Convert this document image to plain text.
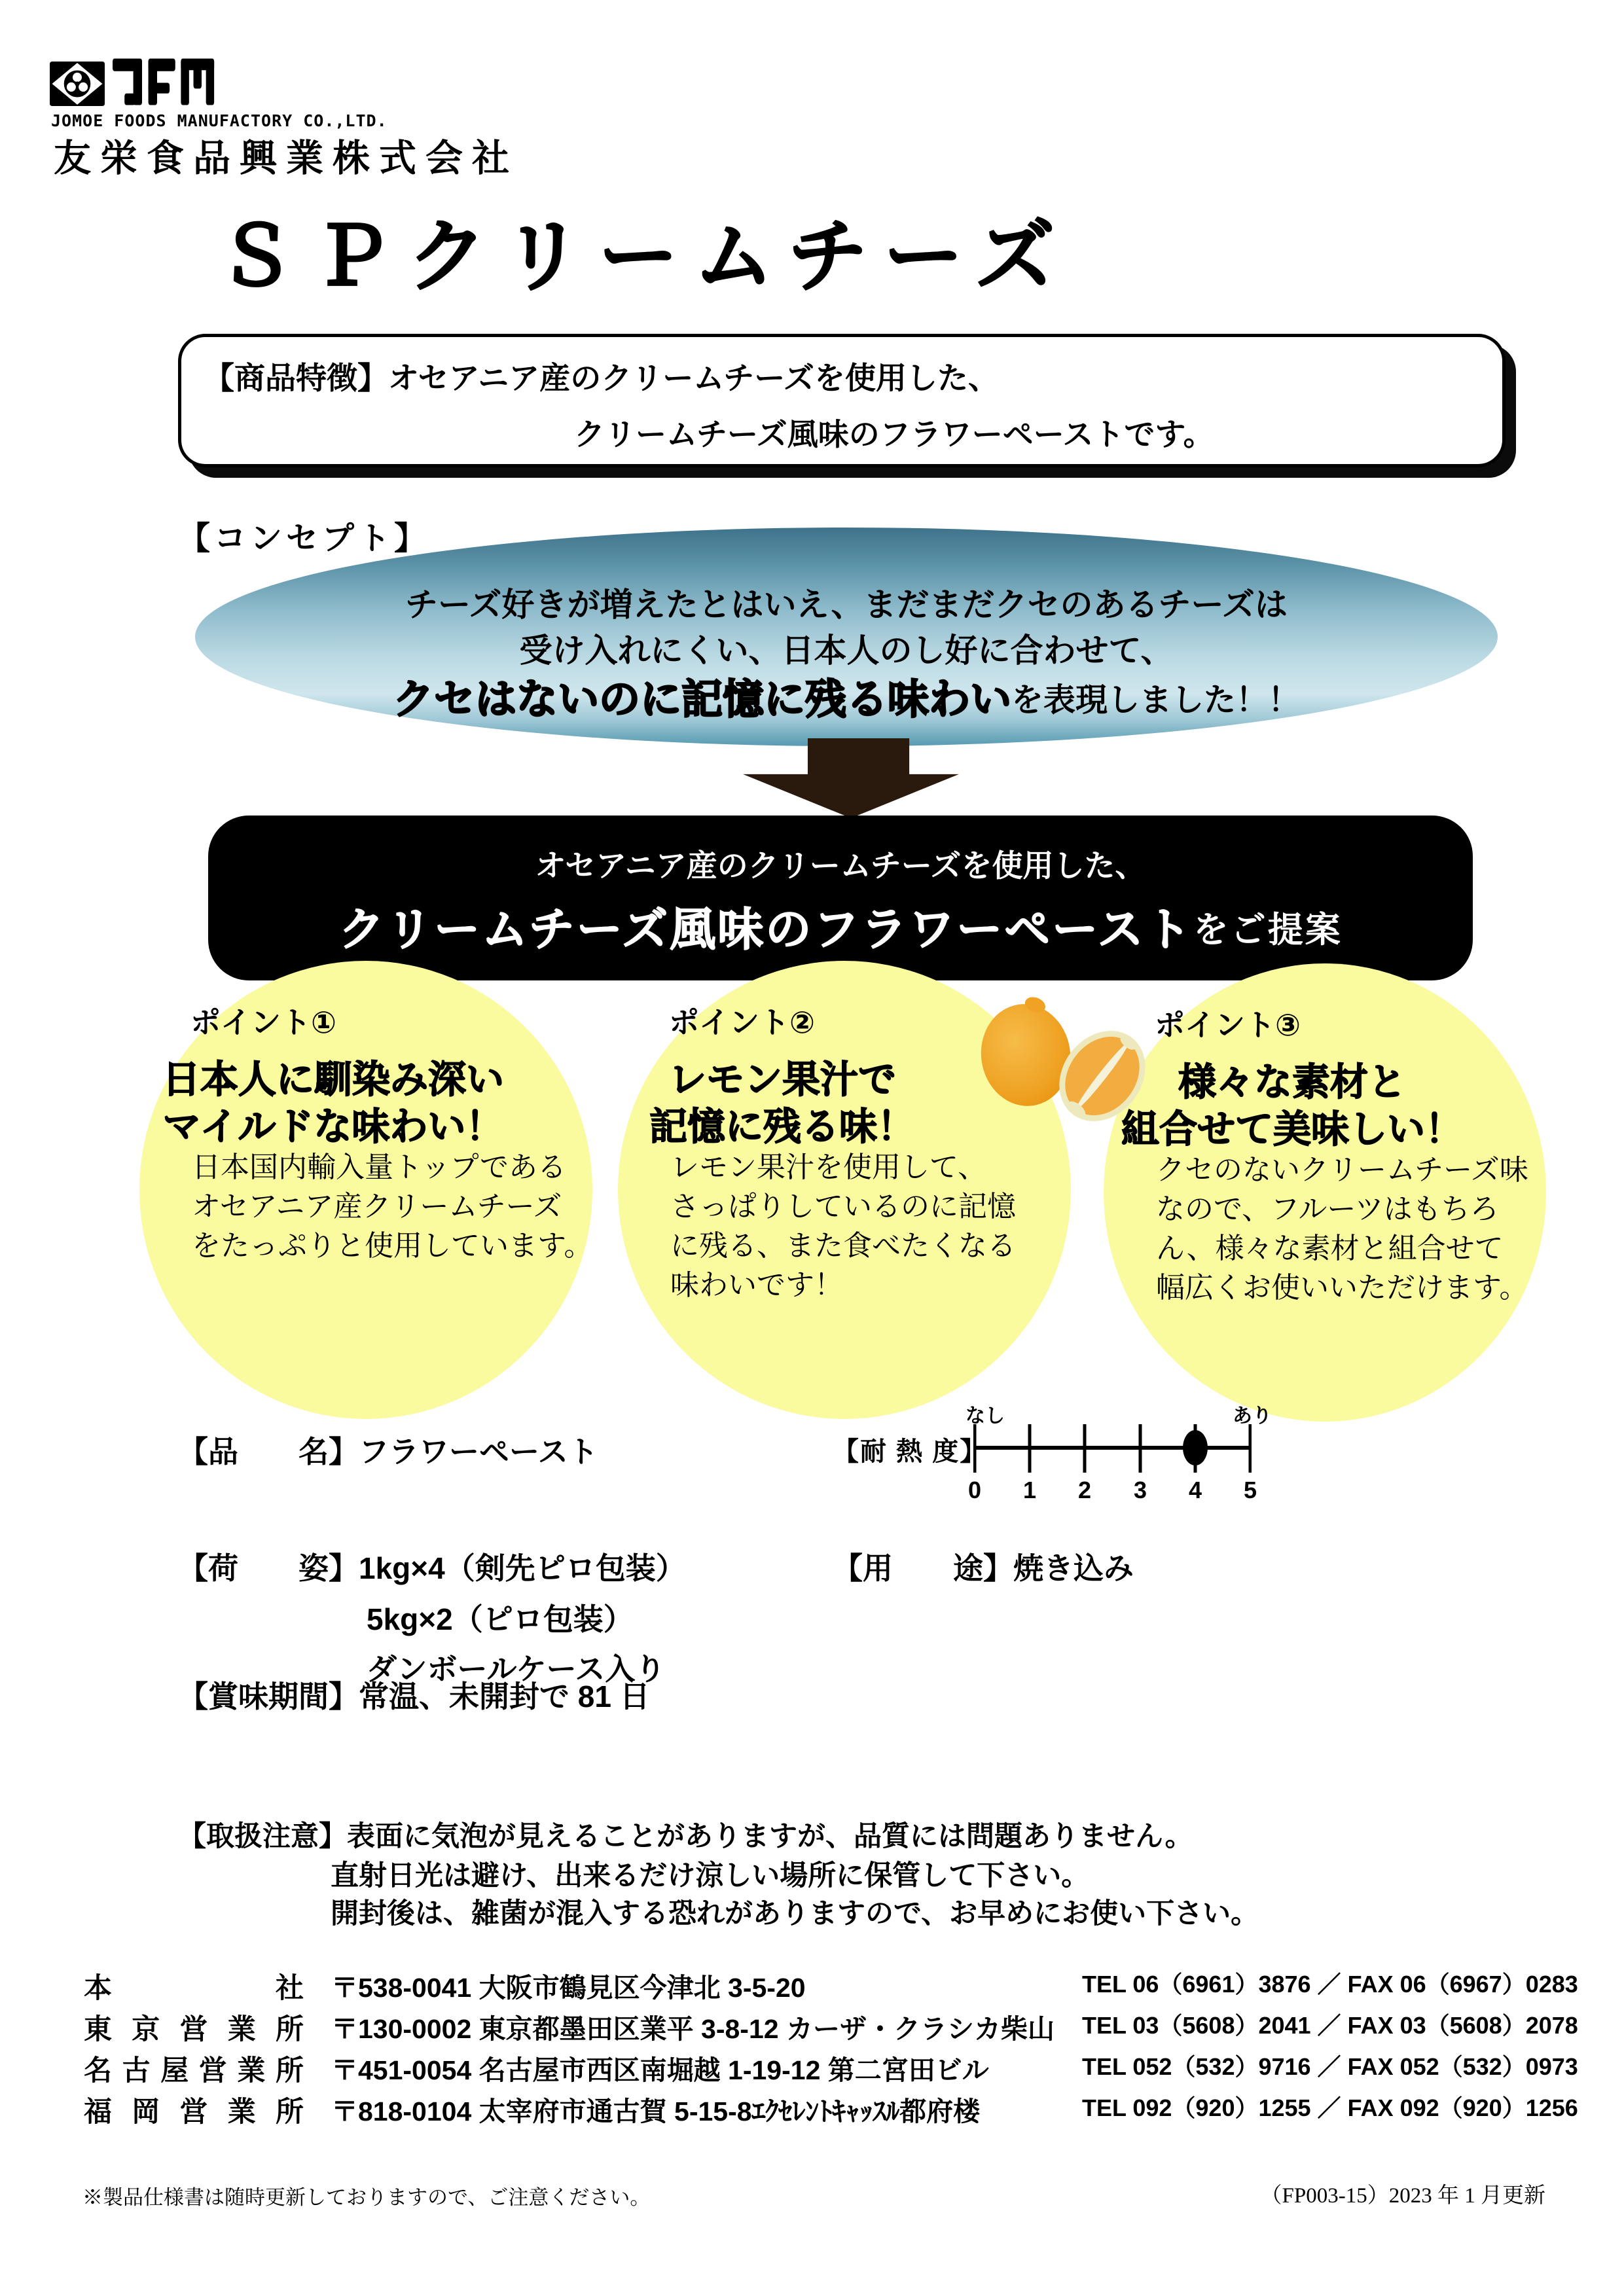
JOMOE FOODS MANUFACTORY CO.,LTD.
友栄食品興業株式会社
ＳＰクリームチーズ
【商品特徴】オセアニア産のクリームチーズを使用した、
クリームチーズ風味のフラワーペーストです。
【コンセプト】
チーズ好きが増えたとはいえ、まだまだクセのあるチーズは
受け入れにくい、日本人のし好に合わせて、
クセはないのに記憶に残る味わいを表現しました！！
オセアニア産のクリームチーズを使用した、
クリームチーズ風味のフラワーペーストをご提案
ポイント①
日本人に馴染み深い
マイルドな味わい！
日本国内輸入量トップである
オセアニア産クリームチーズ
をたっぷりと使用しています。
ポイント②
レモン果汁で
記憶に残る味！
レモン果汁を使用して、
さっぱりしているのに記憶
に残る、また食べたくなる
味わいです！
ポイント③
様々な素材と
組合せて美味しい！
クセのないクリームチーズ味
なので、フルーツはもちろ
ん、様々な素材と組合せて
幅広くお使いいただけます。
【品　　名】フラワーペースト	【耐 熱 度】
なし	あり
0 1 2 3 4 5
【荷　　姿】1kg×4（剣先ピロ包装）
5kg×2（ピロ包装）
ダンボールケース入り
【用　　途】焼き込み
【賞味期間】常温、未開封で 81 日
【取扱注意】表面に気泡が見えることがありますが、品質には問題ありません。
直射日光は避け、出来るだけ涼しい場所に保管して下さい。
開封後は、雑菌が混入する恐れがありますので、お早めにお使い下さい。
本　　　社 〒538-0041 大阪市鶴見区今津北 3-5-20	TEL 06（6961）3876 ／ FAX 06（6967）0283
東京営業所 〒130-0002 東京都墨田区業平 3-8-12 カーザ・クラシカ柴山 TEL 03（5608）2041 ／ FAX 03（5608）2078
名古屋営業所 〒451-0054 名古屋市西区南堀越 1-19-12 第二宮田ビル	TEL 052（532）9716 ／ FAX 052（532）0973
福岡営業所 〒818-0104 太宰府市通古賀 5-15-8ｴｸｾﾚﾝﾄｷｬｯｽﾙ都府楼	TEL 092（920）1255 ／ FAX 092（920）1256
※製品仕様書は随時更新しておりますので、ご注意ください。	（FP003-15）2023 年 1 月更新
